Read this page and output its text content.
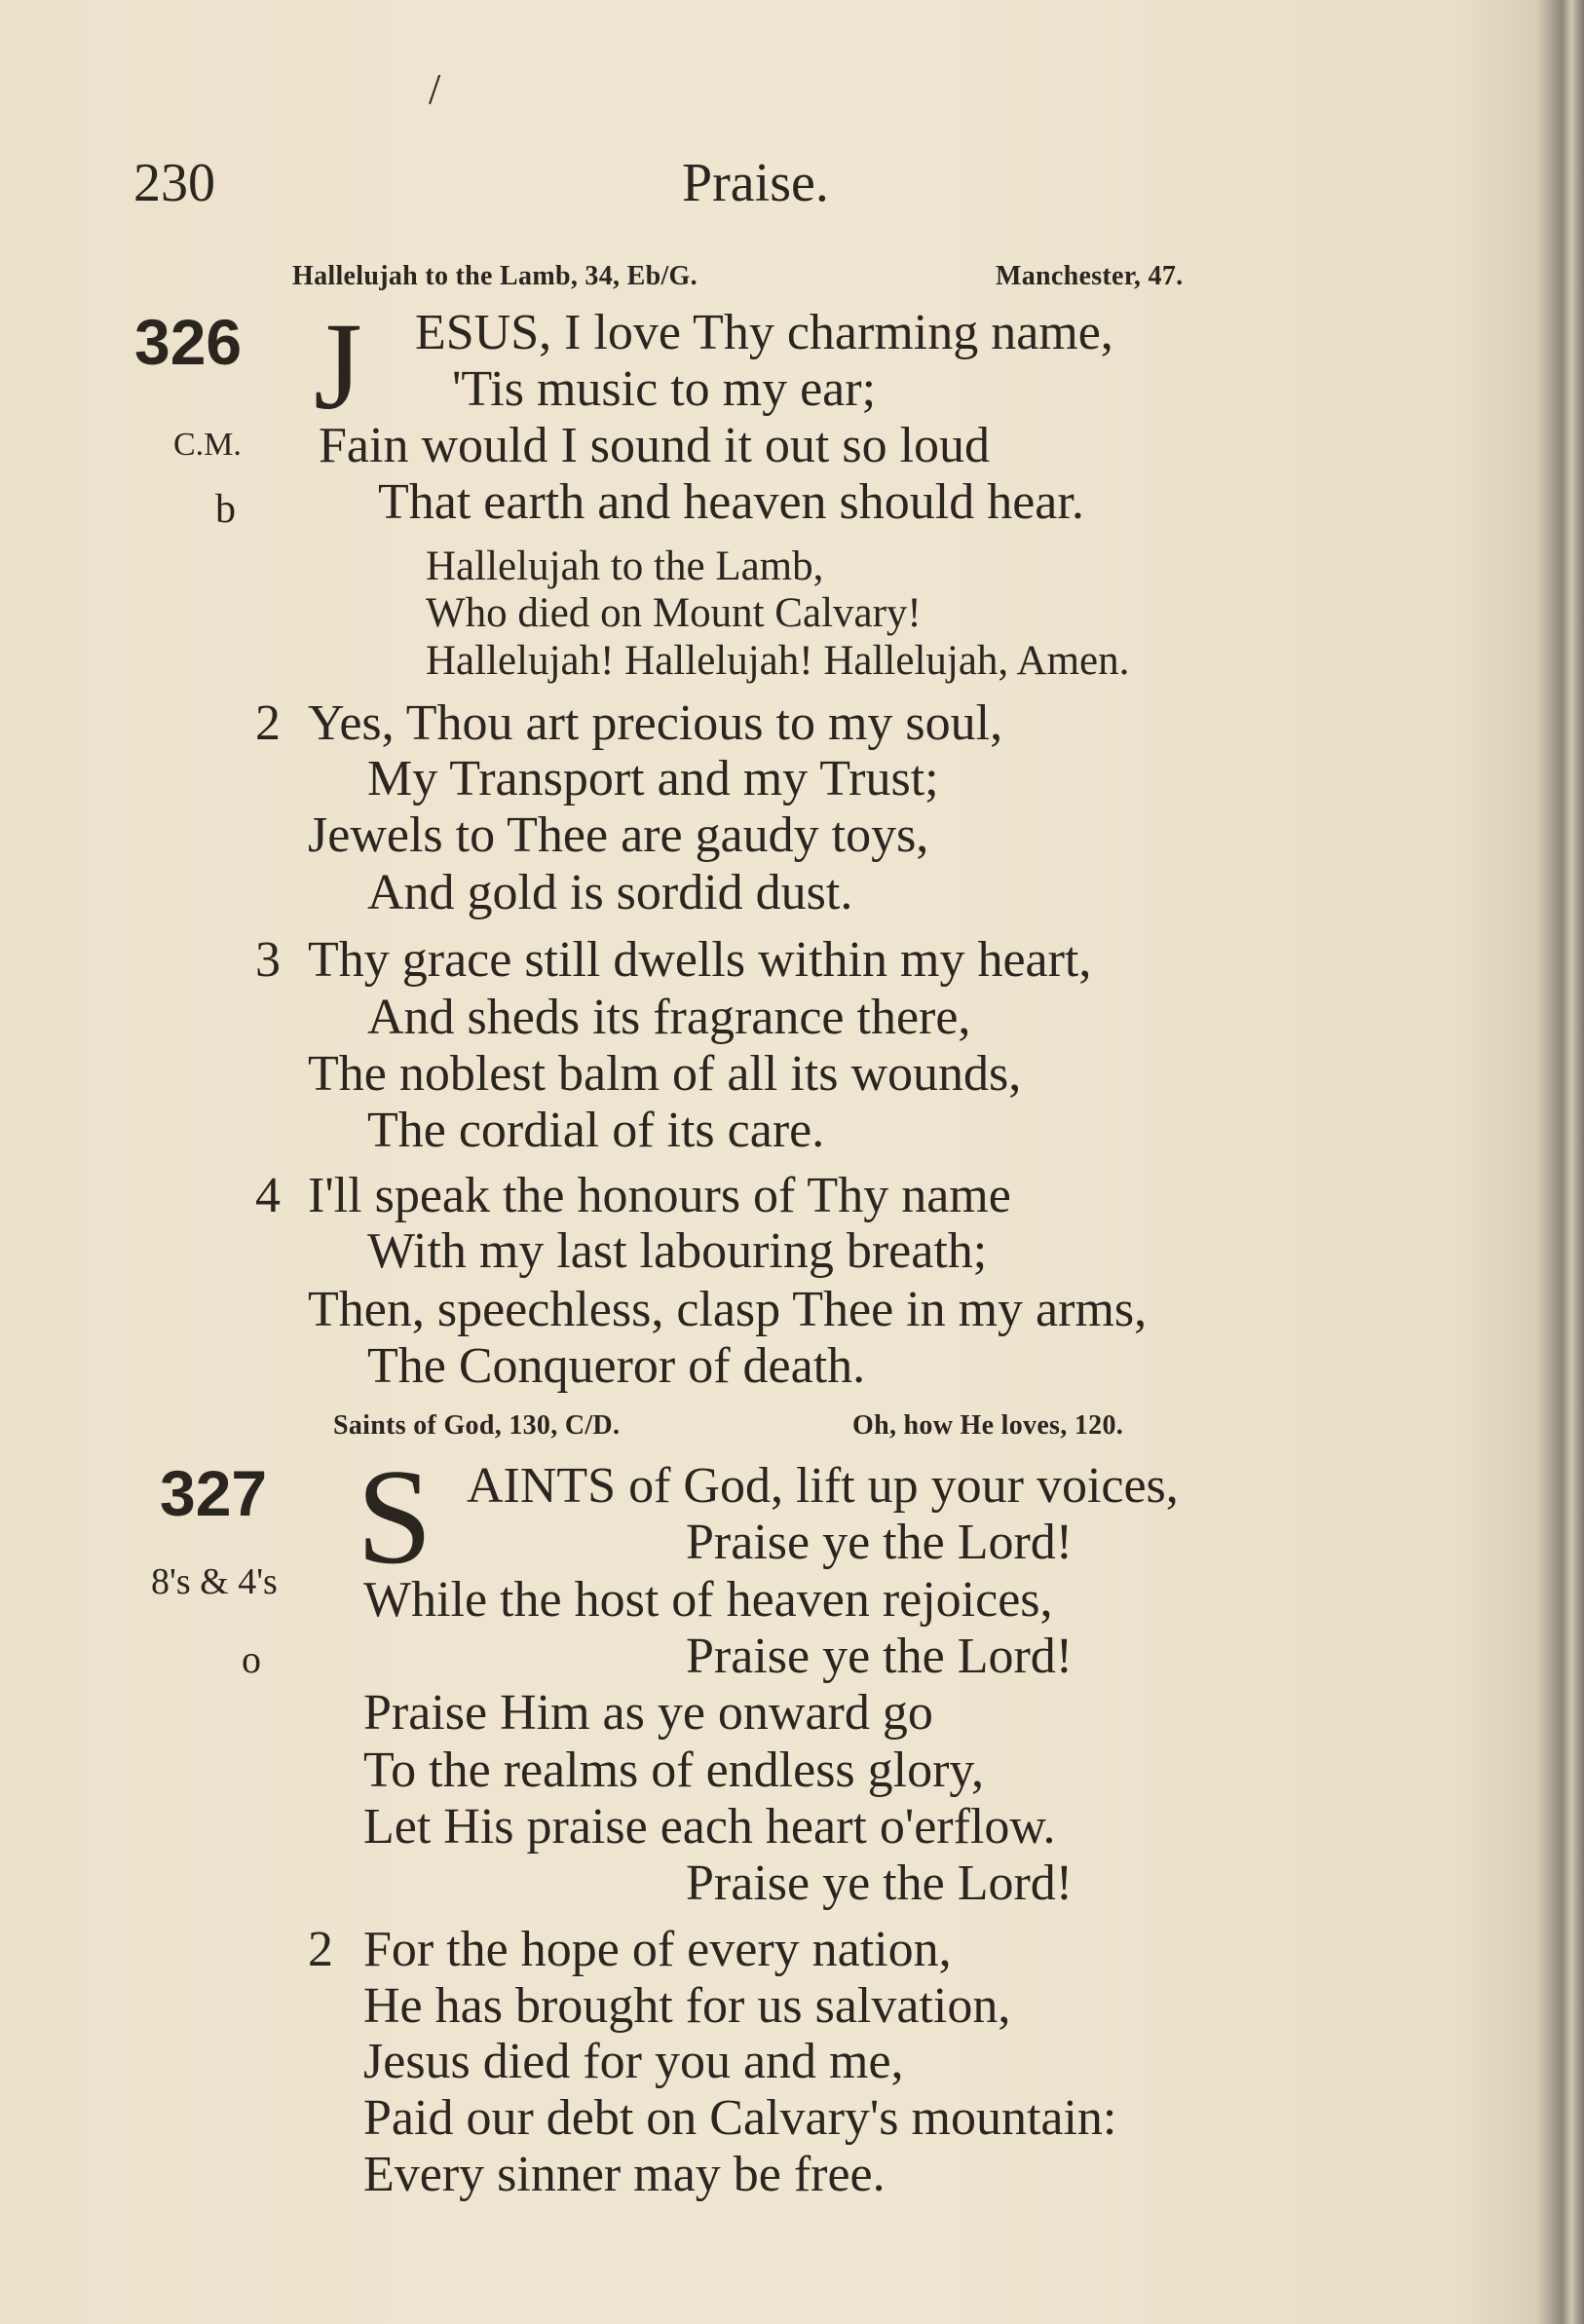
/
230	Praise.
Hallelujah to the Lamb, 34, Eb/G.	Manchester, 47.
326 J ESUS, I love Thy charming name,
'Tis music to my ear;
C.M. Fain would I sound it out so loud
b	That earth and heaven should hear.
Hallelujah to the Lamb,
Who died on Mount Calvary!
Hallelujah! Hallelujah! Hallelujah, Amen.
2 Yes, Thou art precious to my soul,
My Transport and my Trust;
Jewels to Thee are gaudy toys,
And gold is sordid dust.
3 Thy grace still dwells within my heart,
And sheds its fragrance there,
The noblest balm of all its wounds,
The cordial of its care.
4 I'll speak the honours of Thy name
With my last labouring breath;
Then, speechless, clasp Thee in my arms,
The Conqueror of death.
Saints of God, 130, C/D.	Oh, how He loves, 120.
327 S AINTS of God, lift up your voices,
Praise ye the Lord!
8's & 4's While the host of heaven rejoices,
o	Praise ye the Lord!
Praise Him as ye onward go
To the realms of endless glory,
Let His praise each heart o'erflow.
Praise ye the Lord!
2 For the hope of every nation,
He has brought for us salvation,
Jesus died for you and me,
Paid our debt on Calvary's mountain:
Every sinner may be free.
